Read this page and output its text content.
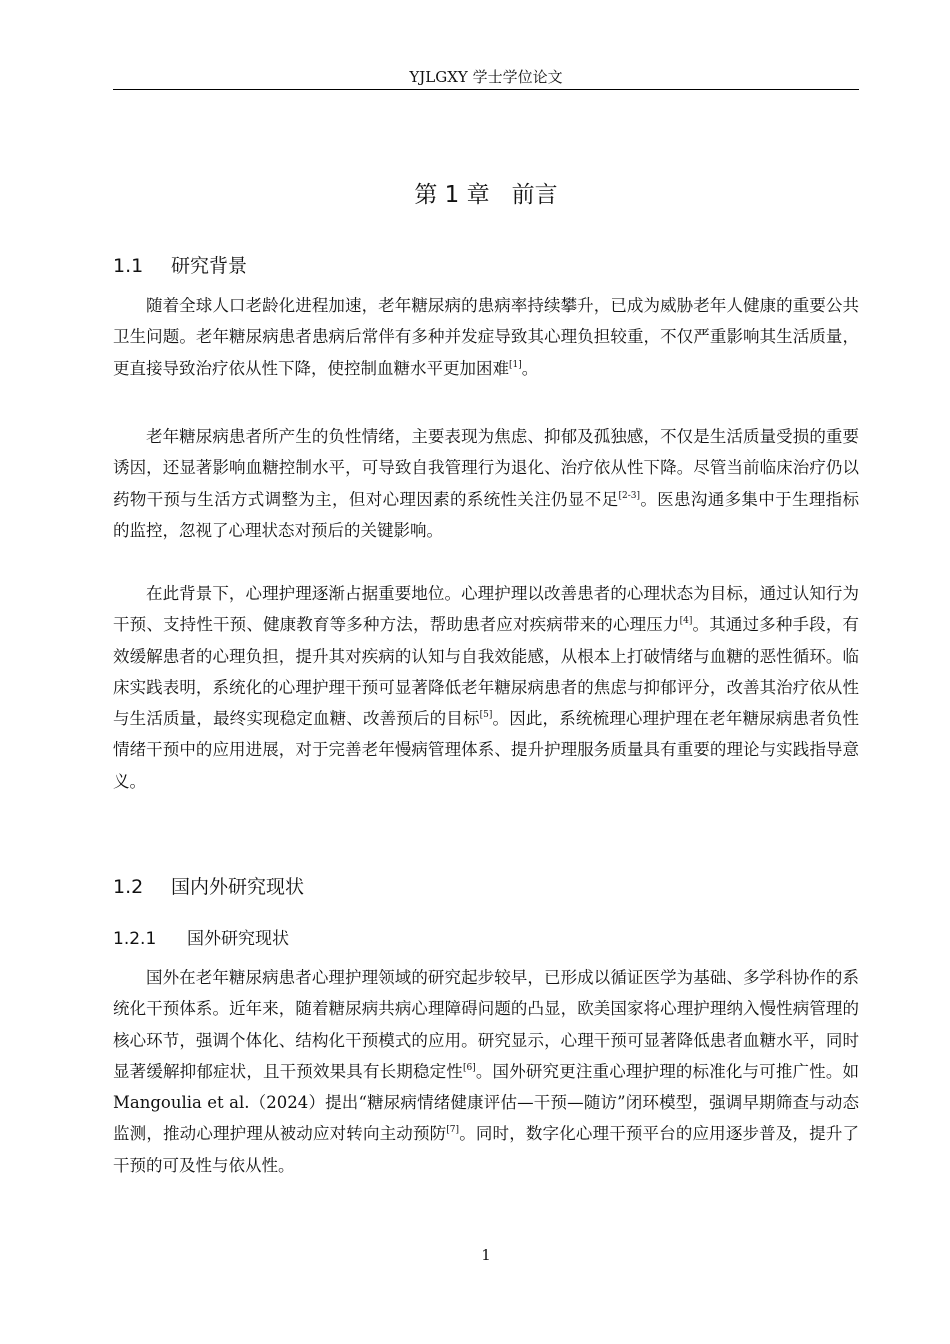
YJLGXY 学士学位论文
第 1 章 前言
1.1 研究背景

随着全球人口老龄化进程加速，老年糖尿病的患病率持续攀升，已成为威胁老年人健康的重要公共卫生问题。老年糖尿病患者患病后常伴有多种并发症导致其心理负担较重，不仅严重影响其生活质量，更直接导致治疗依从性下降，使控制血糖水平更加困难[1]。

老年糖尿病患者所产生的负性情绪，主要表现为焦虑、抑郁及孤独感，不仅是生活质量受损的重要诱因，还显著影响血糖控制水平，可导致自我管理行为退化、治疗依从性下降。尽管当前临床治疗仍以药物干预与生活方式调整为主，但对心理因素的系统性关注仍显不足[2-3]。医患沟通多集中于生理指标的监控，忽视了心理状态对预后的关键影响。

在此背景下，心理护理逐渐占据重要地位。心理护理以改善患者的心理状态为目标，通过认知行为干预、支持性干预、健康教育等多种方法，帮助患者应对疾病带来的心理压力[4]。其通过多种手段，有效缓解患者的心理负担，提升其对疾病的认知与自我效能感，从根本上打破情绪与血糖的恶性循环。临床实践表明，系统化的心理护理干预可显著降低老年糖尿病患者的焦虑与抑郁评分，改善其治疗依从性与生活质量，最终实现稳定血糖、改善预后的目标[5]。因此，系统梳理心理护理在老年糖尿病患者负性情绪干预中的应用进展，对于完善老年慢病管理体系、提升护理服务质量具有重要的理论与实践指导意义。

1.2 国内外研究现状
1.2.1 国外研究现状

国外在老年糖尿病患者心理护理领域的研究起步较早，已形成以循证医学为基础、多学科协作的系统化干预体系。近年来，随着糖尿病共病心理障碍问题的凸显，欧美国家将心理护理纳入慢性病管理的核心环节，强调个体化、结构化干预模式的应用。研究显示，心理干预可显著降低患者血糖水平，同时显著缓解抑郁症状，且干预效果具有长期稳定性[6]。国外研究更注重心理护理的标准化与可推广性。如 Mangoulia et al.（2024）提出“糖尿病情绪健康评估—干预—随访”闭环模型，强调早期筛查与动态监测，推动心理护理从被动应对转向主动预防[7]。同时，数字化心理干预平台的应用逐步普及，提升了干预的可及性与依从性。

1
